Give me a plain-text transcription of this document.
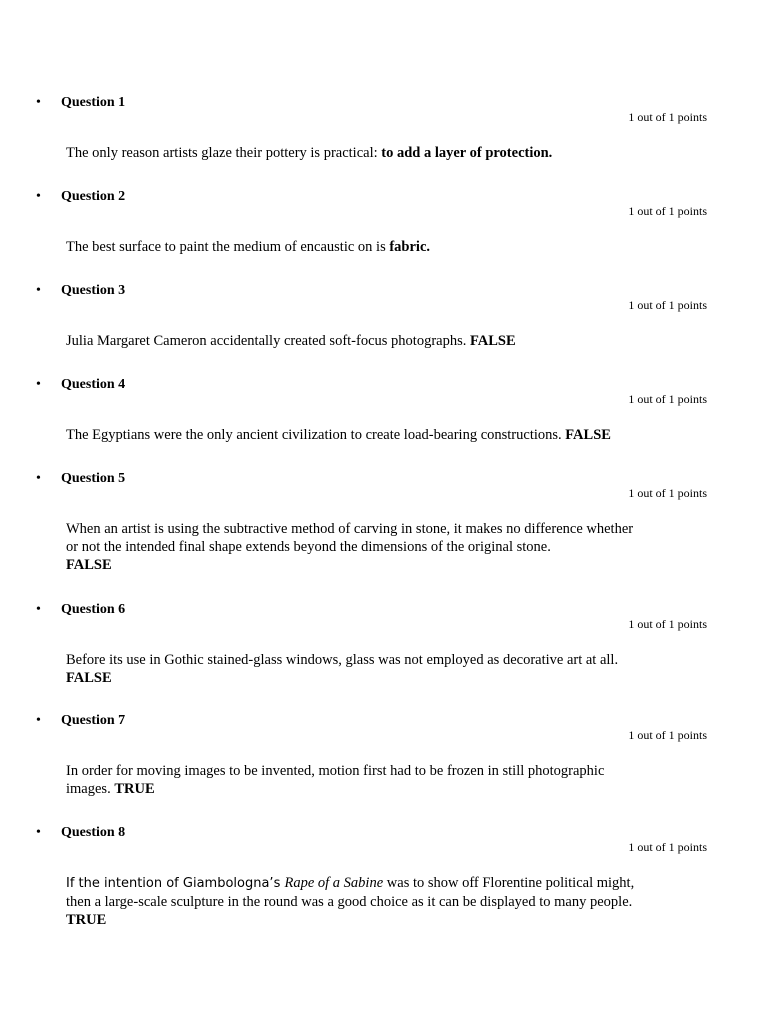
• Question 1
1 out of 1 points
The only reason artists glaze their pottery is practical: to add a layer of protection.
• Question 2
1 out of 1 points
The best surface to paint the medium of encaustic on is fabric.
• Question 3
1 out of 1 points
Julia Margaret Cameron accidentally created soft-focus photographs. FALSE
• Question 4
1 out of 1 points
The Egyptians were the only ancient civilization to create load-bearing constructions. FALSE
• Question 5
1 out of 1 points
When an artist is using the subtractive method of carving in stone, it makes no difference whether or not the intended final shape extends beyond the dimensions of the original stone.
FALSE
• Question 6
1 out of 1 points
Before its use in Gothic stained-glass windows, glass was not employed as decorative art at all. FALSE
• Question 7
1 out of 1 points
In order for moving images to be invented, motion first had to be frozen in still photographic images. TRUE
• Question 8
1 out of 1 points
If the intention of Giambologna’s Rape of a Sabine was to show off Florentine political might, then a large-scale sculpture in the round was a good choice as it can be displayed to many people. TRUE
